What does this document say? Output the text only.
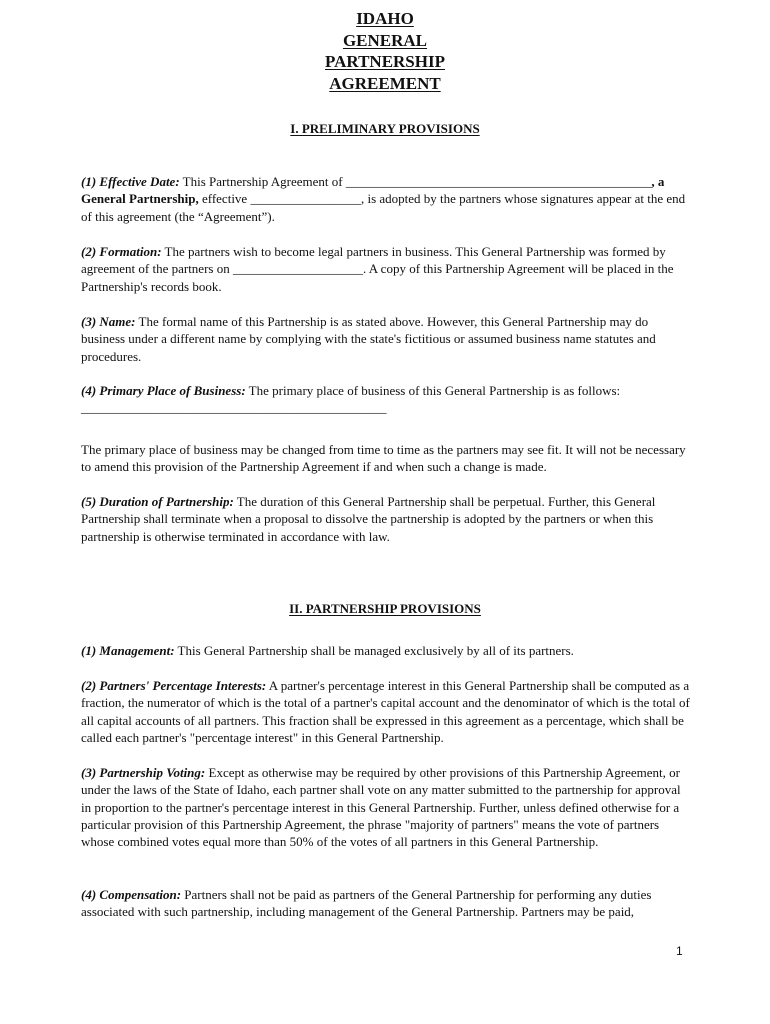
IDAHO
GENERAL
PARTNERSHIP
AGREEMENT
I. PRELIMINARY PROVISIONS

(1) Effective Date: This Partnership Agreement of _______________________________________________, a General Partnership, effective _________________, is adopted by the partners whose signatures appear at the end of this agreement (the “Agreement”).

(2) Formation: The partners wish to become legal partners in business. This General Partnership was formed by agreement of the partners on ____________________. A copy of this Partnership Agreement will be placed in the Partnership's records book.

(3) Name: The formal name of this Partnership is as stated above. However, this General Partnership may do business under a different name by complying with the state's fictitious or assumed business name statutes and procedures.

(4) Primary Place of Business: The primary place of business of this General Partnership is as follows:
_______________________________________________

The primary place of business may be changed from time to time as the partners may see fit. It will not be necessary to amend this provision of the Partnership Agreement if and when such a change is made.

(5) Duration of Partnership: The duration of this General Partnership shall be perpetual. Further, this General Partnership shall terminate when a proposal to dissolve the partnership is adopted by the partners or when this partnership is otherwise terminated in accordance with law.

II. PARTNERSHIP PROVISIONS

(1) Management: This General Partnership shall be managed exclusively by all of its partners.

(2) Partners' Percentage Interests: A partner's percentage interest in this General Partnership shall be computed as a fraction, the numerator of which is the total of a partner's capital account and the denominator of which is the total of all capital accounts of all partners. This fraction shall be expressed in this agreement as a percentage, which shall be called each partner's "percentage interest" in this General Partnership.

(3) Partnership Voting: Except as otherwise may be required by other provisions of this Partnership Agreement, or under the laws of the State of Idaho, each partner shall vote on any matter submitted to the partnership for approval in proportion to the partner's percentage interest in this General Partnership. Further, unless defined otherwise for a particular provision of this Partnership Agreement, the phrase "majority of partners" means the vote of partners whose combined votes equal more than 50% of the votes of all partners in this General Partnership.

(4) Compensation: Partners shall not be paid as partners of the General Partnership for performing any duties associated with such partnership, including management of the General Partnership. Partners may be paid,

1
